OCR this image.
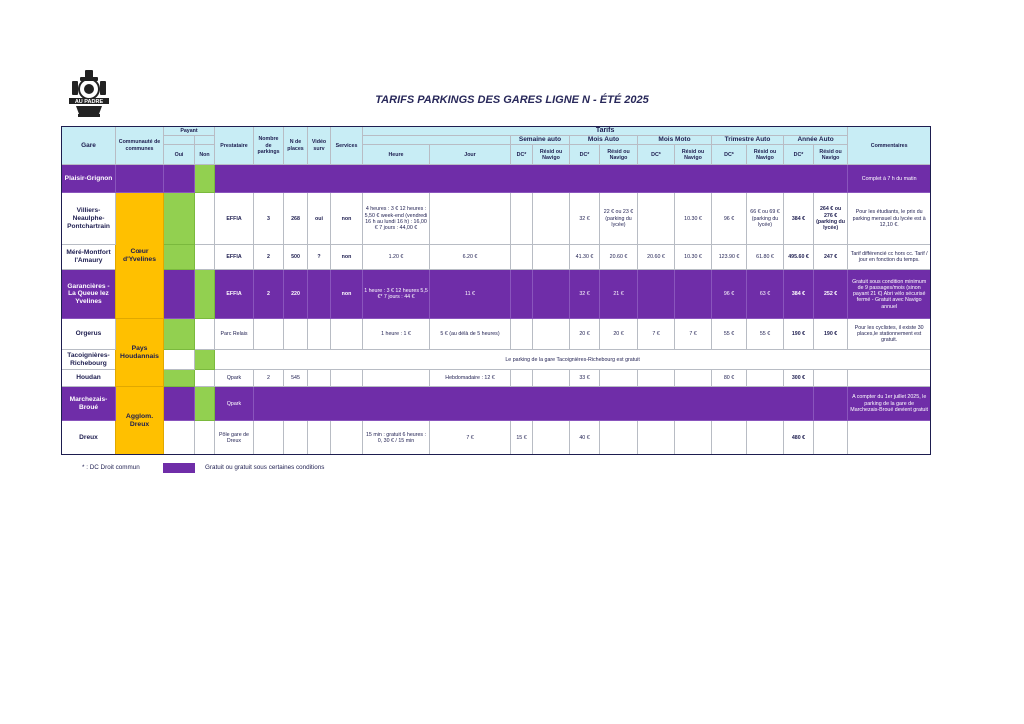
AU PADRE	TARIFS PARKINGS DES GARES LIGNE N - ÉTÉ 2025
Gare	Communauté de communes	Payant		Prestataire	Nombre de parkings	N de places	Vidéo surv	Services	Tarifs												Commentaires
											Semaine auto		Mois Auto		Mois Moto		Trimestre Auto		Année Auto		
		Oui	Non						Heure	Jour	DC*	Résid ou Navigo	DC*	Résid ou Navigo	DC*	Résid ou Navigo	DC*	Résid ou Navigo	DC*	Résid ou Navigo	
Plaisir-Grignon																					Complet à 7 h du matin
Villiers-Neaulphe-Pontchartrain	Cœur d'Yvelines			EFFIA	3	268	oui	non	4 heures : 3 € 12 heures : 5,50 € week-end (vendredi 16 h au lundi 16 h) : 16,00 € 7 jours : 44,00 €				32 €	22 € ou 23 € (parking du lycée)		10.30 €	96 €	66 € ou 69 € (parking du lycée)	384 €	264 € ou 276 € (parking du lycée)	Pour les étudiants, le prix du parking mensuel du lycée est à 12,10 €.
Méré-Montfort l'Amaury				EFFIA	2	500	?	non	1.20 €	6.20 €			41.30 €	20.60 €	20.60 €	10.30 €	123.90 €	61.80 €	495.60 €	247 €	Tarif différencié cc hors cc. Tarif / jour en fonction du temps.
Garancières - La Queue lez Yvelines				EFFIA	2	220		non	1 heure : 3 € 12 heures 5,5 €* 7 jours : 44 €	11 €			32 €	21 €			96 €	63 €	384 €	252 €	Gratuit sous condition minimum de 9 passages/mois (sinon payant 21 €) Abri vélo sécurisé fermé - Gratuit avec Navigo annuel
Orgerus	Pays Houdannais			Parc Relais					1 heure : 1 €	5 € (au délà de 5 heures)			20 €	20 €	7 €	7 €	55 €	55 €	190 €	190 €	Pour les cyclistes, il existe 30 places,le stationnement est gratuit.
Tacoignières-Richebourg				Le parking de la gare Tacoignières-Richebourg est gratuit																	
Houdan				Qpark	2	545				Hebdomadaire : 12 €			33 €				80 €		300 €		
Marchezais-Broué	Agglom. Dreux			Qpark																	A compter du 1er juillet 2025, le parking de la gare de Marchezais-Broué devient gratuit
Dreux				Pôle gare de Dreux					15 min : gratuit 6 heures : 0, 30 € / 15 min	7 €	15 €		40 €						480 €		
* : DC Droit commun	Gratuit ou gratuit sous certaines conditions
